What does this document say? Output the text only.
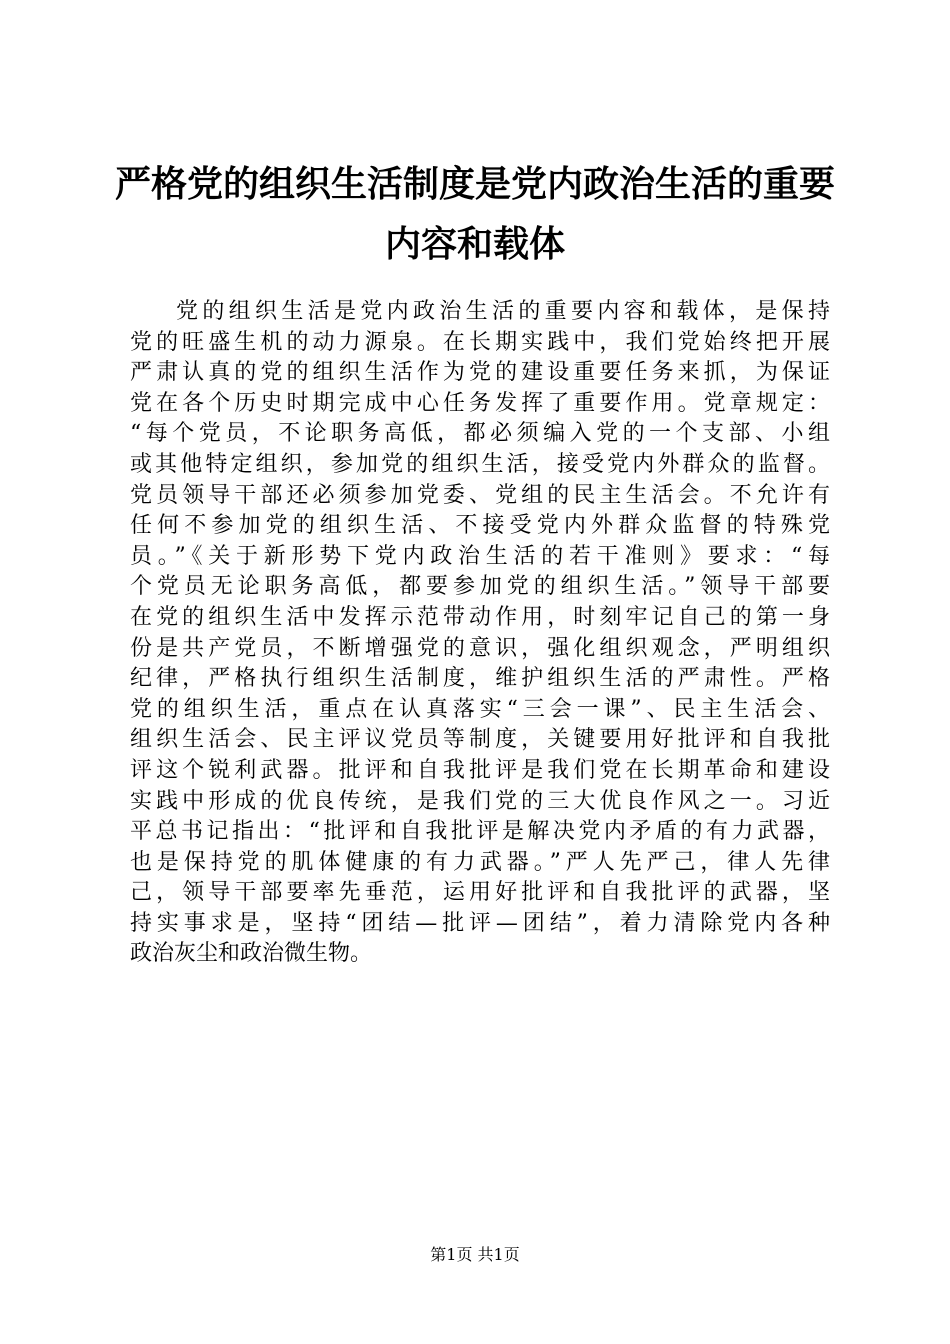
严格党的组织生活制度是党内政治生活的重要
内容和载体
党的组织生活是党内政治生活的重要内容和载体，是保持
党的旺盛生机的动力源泉。在长期实践中，我们党始终把开展
严肃认真的党的组织生活作为党的建设重要任务来抓，为保证
党在各个历史时期完成中心任务发挥了重要作用。党章规定：
“每个党员，不论职务高低，都必须编入党的一个支部、小组
或其他特定组织，参加党的组织生活，接受党内外群众的监督。
党员领导干部还必须参加党委、党组的民主生活会。不允许有
任何不参加党的组织生活、不接受党内外群众监督的特殊党
员。”《关于新形势下党内政治生活的若干准则》要求：“每
个党员无论职务高低，都要参加党的组织生活。”领导干部要
在党的组织生活中发挥示范带动作用，时刻牢记自己的第一身
份是共产党员，不断增强党的意识，强化组织观念，严明组织
纪律，严格执行组织生活制度，维护组织生活的严肃性。严格
党的组织生活，重点在认真落实“三会一课”、民主生活会、
组织生活会、民主评议党员等制度，关键要用好批评和自我批
评这个锐利武器。批评和自我批评是我们党在长期革命和建设
实践中形成的优良传统，是我们党的三大优良作风之一。习近
平总书记指出：“批评和自我批评是解决党内矛盾的有力武器，
也是保持党的肌体健康的有力武器。”严人先严己，律人先律
己，领导干部要率先垂范，运用好批评和自我批评的武器，坚
持实事求是，坚持“团结—批评—团结”，着力清除党内各种
政治灰尘和政治微生物。
第1页 共1页
